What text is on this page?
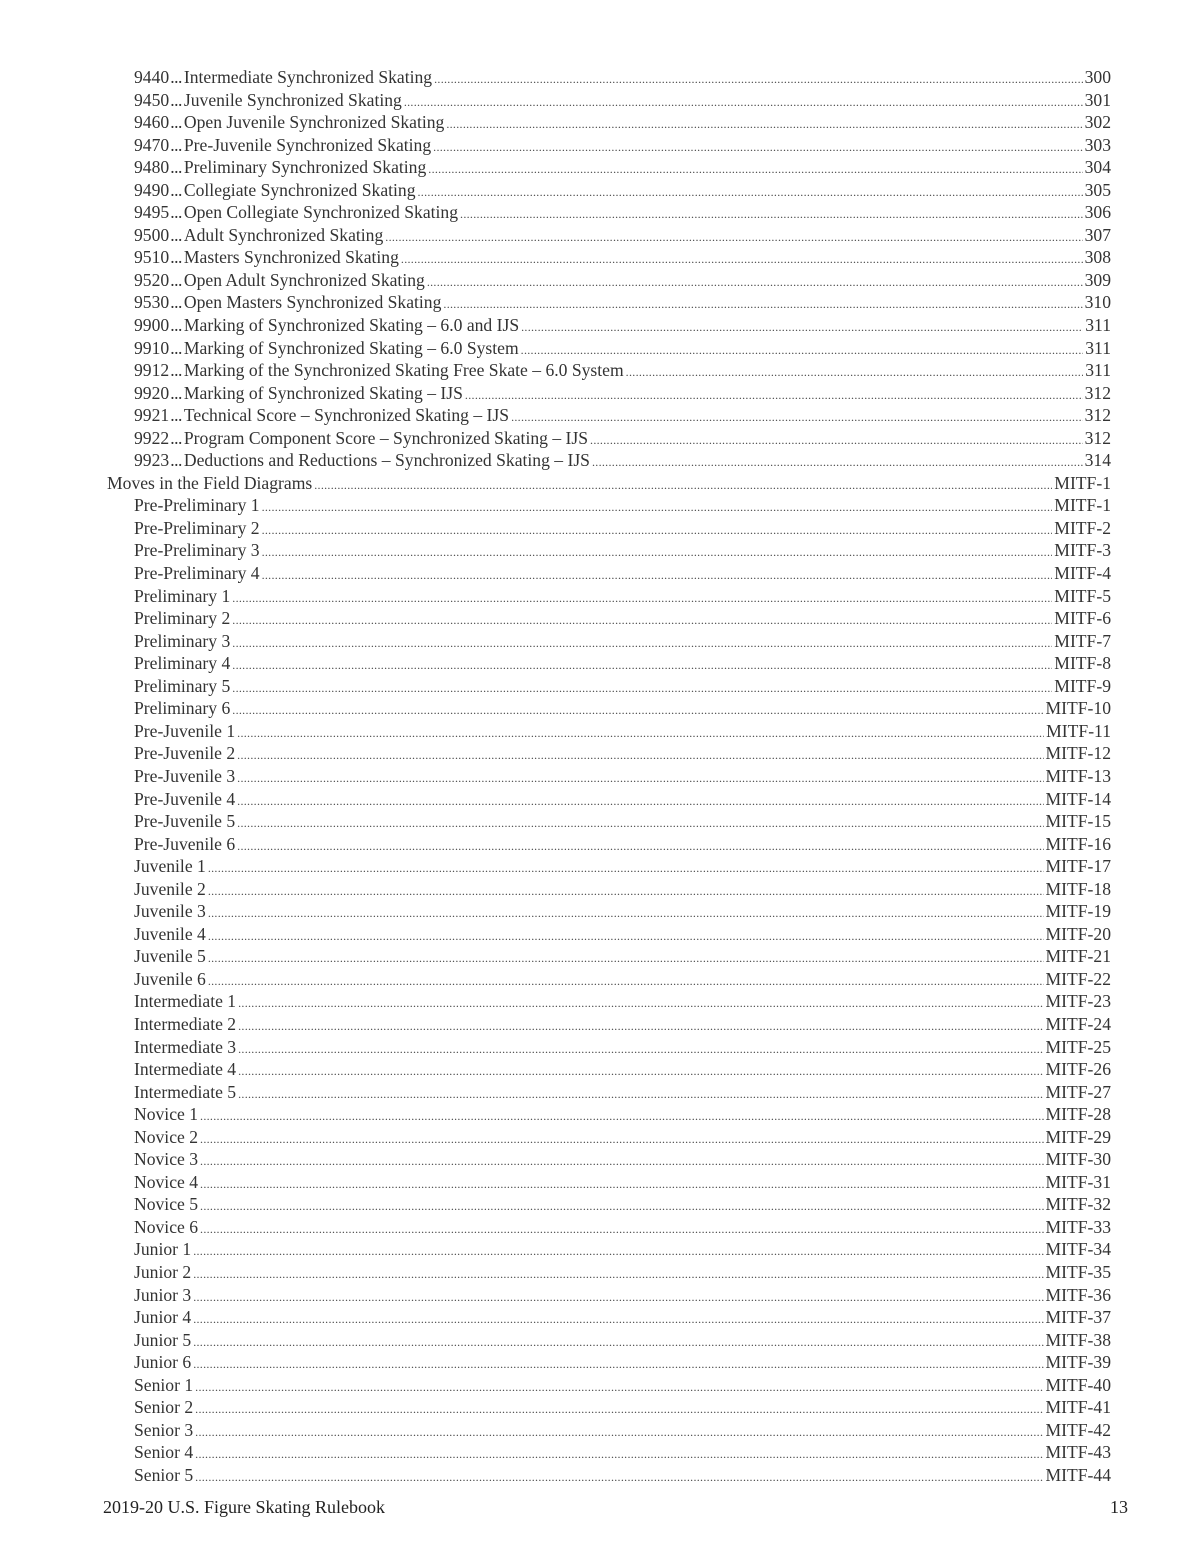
9440 ... Intermediate Synchronized Skating .....	300
9450 ... Juvenile Synchronized Skating .....	301
9460 ... Open Juvenile Synchronized Skating .....	302
9470 ... Pre-Juvenile Synchronized Skating .....	303
9480 ... Preliminary Synchronized Skating .....	304
9490 ... Collegiate Synchronized Skating .....	305
9495 ... Open Collegiate Synchronized Skating .....	306
9500 ... Adult Synchronized Skating .....	307
9510 ... Masters Synchronized Skating .....	308
9520 ... Open Adult Synchronized Skating .....	309
9530 ... Open Masters Synchronized Skating .....	310
9900 ... Marking of Synchronized Skating – 6.0 and IJS .....	311
9910 ... Marking of Synchronized Skating – 6.0 System .....	311
9912 ... Marking of the Synchronized Skating Free Skate – 6.0 System .....	311
9920 ... Marking of Synchronized Skating – IJS .....	312
9921 ... Technical Score – Synchronized Skating – IJS .....	312
9922 ... Program Component Score – Synchronized Skating – IJS .....	312
9923 ... Deductions and Reductions – Synchronized Skating – IJS .....	314
Moves in the Field Diagrams .....	MITF-1
Pre-Preliminary 1 .....	MITF-1
Pre-Preliminary 2 .....	MITF-2
Pre-Preliminary 3 .....	MITF-3
Pre-Preliminary 4 .....	MITF-4
Preliminary 1 .....	MITF-5
Preliminary 2 .....	MITF-6
Preliminary 3 .....	MITF-7
Preliminary 4 .....	MITF-8
Preliminary 5 .....	MITF-9
Preliminary 6 .....	MITF-10
Pre-Juvenile 1 .....	MITF-11
Pre-Juvenile 2 .....	MITF-12
Pre-Juvenile 3 .....	MITF-13
Pre-Juvenile 4 .....	MITF-14
Pre-Juvenile 5 .....	MITF-15
Pre-Juvenile 6 .....	MITF-16
Juvenile 1 .....	MITF-17
Juvenile 2 .....	MITF-18
Juvenile 3 .....	MITF-19
Juvenile 4 .....	MITF-20
Juvenile 5 .....	MITF-21
Juvenile 6 .....	MITF-22
Intermediate 1 .....	MITF-23
Intermediate 2 .....	MITF-24
Intermediate 3 .....	MITF-25
Intermediate 4 .....	MITF-26
Intermediate 5 .....	MITF-27
Novice 1 .....	MITF-28
Novice 2 .....	MITF-29
Novice 3 .....	MITF-30
Novice 4 .....	MITF-31
Novice 5 .....	MITF-32
Novice 6 .....	MITF-33
Junior 1 .....	MITF-34
Junior 2 .....	MITF-35
Junior 3 .....	MITF-36
Junior 4 .....	MITF-37
Junior 5 .....	MITF-38
Junior 6 .....	MITF-39
Senior 1 .....	MITF-40
Senior 2 .....	MITF-41
Senior 3 .....	MITF-42
Senior 4 .....	MITF-43
Senior 5 .....	MITF-44
2019-20 U.S. Figure Skating Rulebook	13
